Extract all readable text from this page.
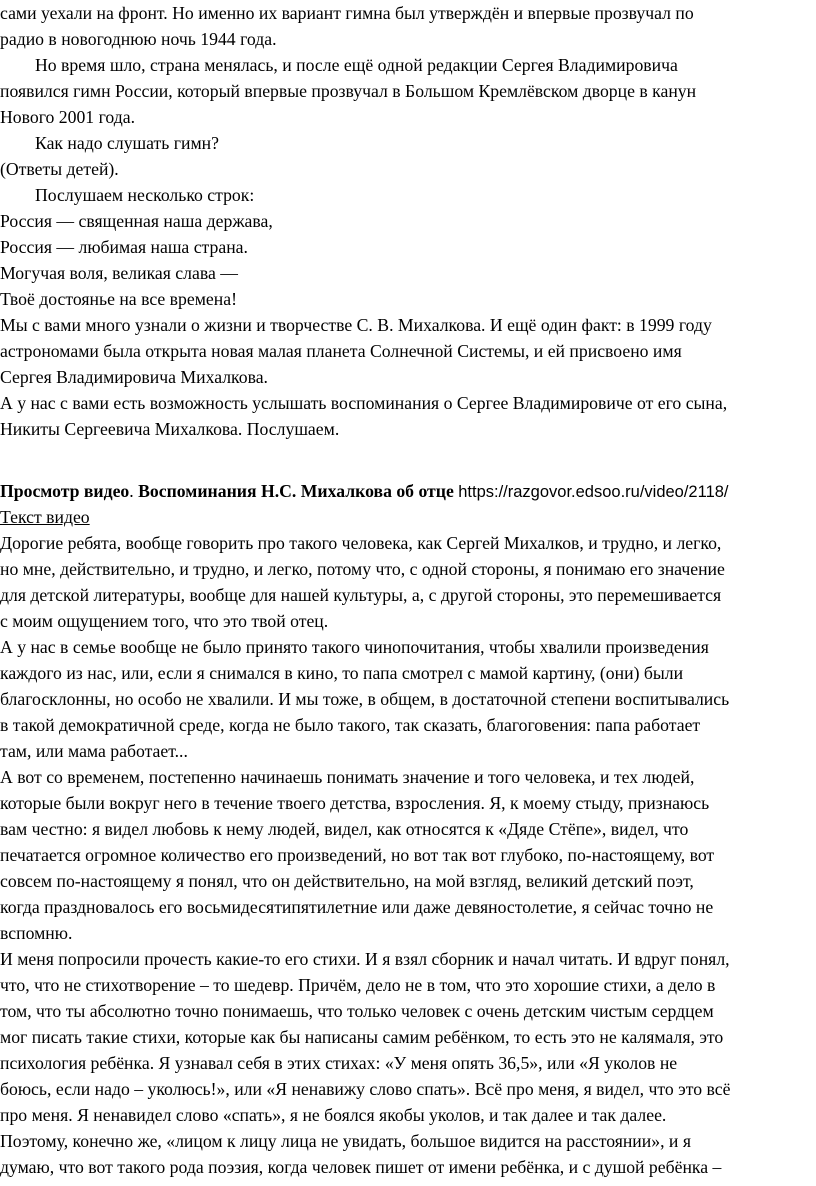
сами уехали на фронт. Но именно их вариант гимна был утверждён и впервые прозвучал по
радио в новогоднюю ночь 1944 года.
Но время шло, страна менялась, и после ещё одной редакции Сергея Владимировича
появился гимн России, который впервые прозвучал в Большом Кремлёвском дворце в канун
Нового 2001 года.
Как надо слушать гимн?
(Ответы детей).
Послушаем несколько строк:
Россия — священная наша держава,
Россия — любимая наша страна.
Могучая воля, великая слава —
Твоё достоянье на все времена!
Мы с вами много узнали о жизни и творчестве С. В. Михалкова. И ещё один факт: в 1999 году
астрономами была открыта новая малая планета Солнечной Системы, и ей присвоено имя
Сергея Владимировича Михалкова.
А у нас с вами есть возможность услышать воспоминания о Сергее Владимировиче от его сына,
Никиты Сергеевича Михалкова. Послушаем.
Просмотр видео. Воспоминания Н.С. Михалкова об отце https://razgovor.edsoo.ru/video/2118/
Текст видео
Дорогие ребята, вообще говорить про такого человека, как Сергей Михалков, и трудно, и легко,
но мне, действительно, и трудно, и легко, потому что, с одной стороны, я понимаю его значение
для детской литературы, вообще для нашей культуры, а, с другой стороны, это перемешивается
с моим ощущением того, что это твой отец.
А у нас в семье вообще не было принято такого чинопочитания, чтобы хвалили произведения
каждого из нас, или, если я снимался в кино, то папа смотрел с мамой картину, (они) были
благосклонны, но особо не хвалили. И мы тоже, в общем, в достаточной степени воспитывались
в такой демократичной среде, когда не было такого, так сказать, благоговения: папа работает
там, или мама работает...
А вот со временем, постепенно начинаешь понимать значение и того человека, и тех людей,
которые были вокруг него в течение твоего детства, взросления. Я, к моему стыду, признаюсь
вам честно: я видел любовь к нему людей, видел, как относятся к «Дяде Стёпе», видел, что
печатается огромное количество его произведений, но вот так вот глубоко, по-настоящему, вот
совсем по-настоящему я понял, что он действительно, на мой взгляд, великий детский поэт,
когда праздновалось его восьмидесятипятилетние или даже девяностолетие, я сейчас точно не
вспомню.
И меня попросили прочесть какие-то его стихи. И я взял сборник и начал читать. И вдруг понял,
что, что не стихотворение – то шедевр. Причём, дело не в том, что это хорошие стихи, а дело в
том, что ты абсолютно точно понимаешь, что только человек с очень детским чистым сердцем
мог писать такие стихи, которые как бы написаны самим ребёнком, то есть это не калямаля, это
психология ребёнка. Я узнавал себя в этих стихах: «У меня опять 36,5», или «Я уколов не
боюсь, если надо – уколюсь!», или «Я ненавижу слово спать». Всё про меня, я видел, что это всё
про меня. Я ненавидел слово «спать», я не боялся якобы уколов, и так далее и так далее.
Поэтому, конечно же, «лицом к лицу лица не увидать, большое видится на расстоянии», и я
думаю, что вот такого рода поэзия, когда человек пишет от имени ребёнка, и с душой ребёнка –
